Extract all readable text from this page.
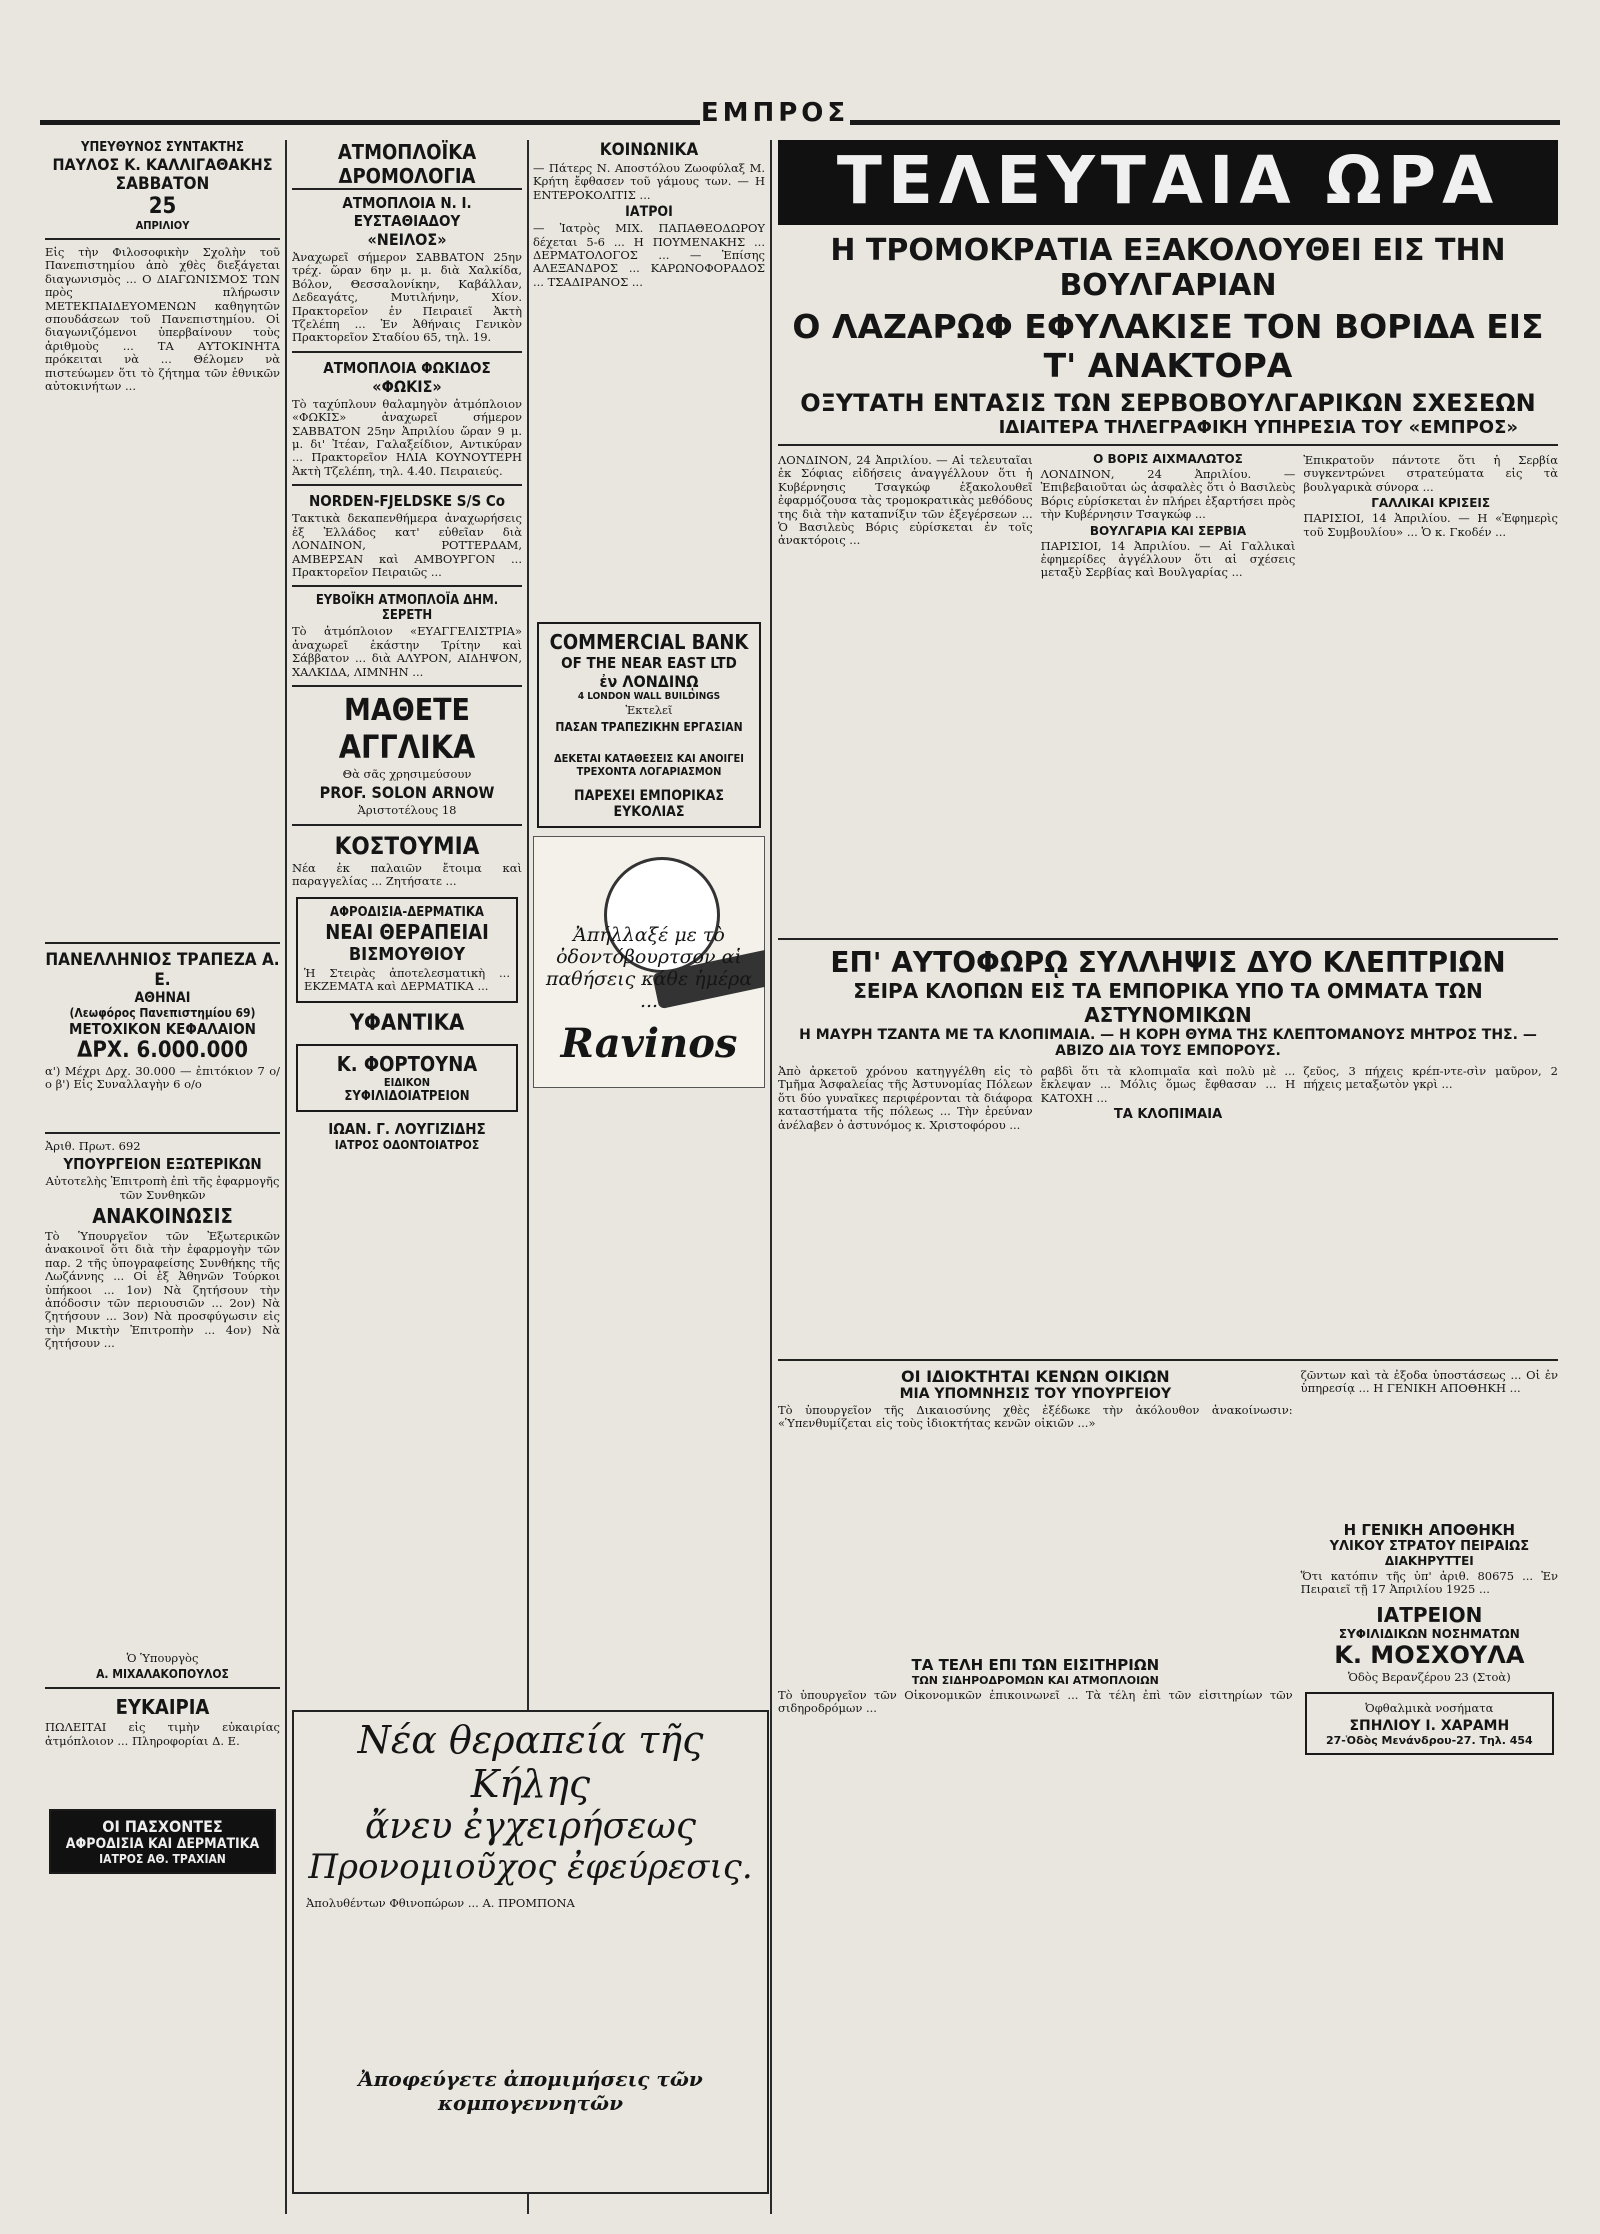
ΕΜΠΡΟΣ
ΥΠΕΥΘΥΝΟΣ ΣΥΝΤΑΚΤΗΣ
ΠΑΥΛΟΣ Κ. ΚΑΛΛΙΓΑΘΑΚΗΣ
ΣΑΒΒΑΤΟΝ
25
ΑΠΡΙΛΙΟΥ
Εἰς τὴν Φιλοσοφικὴν Σχολὴν τοῦ Πανεπιστημίου ἀπὸ χθὲς διεξάγεται διαγωνισμὸς ... Ο ΔΙΑΓΩΝΙΣΜΟΣ ΤΩΝ πρὸς πλήρωσιν ΜΕΤΕΚΠΑΙΔΕΥΟΜΕΝΩΝ καθηγητῶν σπουδάσεων τοῦ Πανεπιστημίου. Οἱ διαγωνιζόμενοι ὑπερβαίνουν τοὺς ἀριθμοὺς ... ΤΑ ΑΥΤΟΚΙΝΗΤΑ πρόκειται νὰ ... Θέλομεν νὰ πιστεύωμεν ὅτι τὸ ζήτημα τῶν ἐθνικῶν αὐτοκινήτων ...
ΠΑΝΕΛΛΗΝΙΟΣ ΤΡΑΠΕΖΑ Α. Ε.
ΑΘΗΝΑΙ
(Λεωφόρος Πανεπιστημίου 69)
ΜΕΤΟΧΙΚΟΝ ΚΕΦΑΛΑΙΟΝ
ΔΡΧ. 6.000.000
α') Μέχρι Δρχ. 30.000 — ἐπιτόκιον 7 ο/ο β') Εἰς Συναλλαγὴν 6 ο/ο
Ἀριθ. Πρωτ. 692
ΥΠΟΥΡΓΕΙΟΝ ΕΞΩΤΕΡΙΚΩΝ
Αὐτοτελὴς Ἐπιτροπὴ ἐπὶ τῆς ἐφαρμογῆς τῶν Συνθηκῶν
ΑΝΑΚΟΙΝΩΣΙΣ
Τὸ Ὑπουργεῖον τῶν Ἐξωτερικῶν ἀνακοινοῖ ὅτι διὰ τὴν ἐφαρμογὴν τῶν παρ. 2 τῆς ὑπογραφείσης Συνθήκης τῆς Λωζάννης ... Οἱ ἐξ Ἀθηνῶν Τούρκοι ὑπήκοοι ... 1ον) Νὰ ζητήσουν τὴν ἀπόδοσιν τῶν περιουσιῶν ... 2ον) Νὰ ζητήσουν ... 3ον) Νὰ προσφύγωσιν εἰς τὴν Μικτὴν Ἐπιτροπὴν ... 4ον) Νὰ ζητήσουν ...
Ὁ Ὑπουργὸς
Α. ΜΙΧΑΛΑΚΟΠΟΥΛΟΣ
ΕΥΚΑΙΡΙΑ
ΠΩΛΕΙΤΑΙ εἰς τιμὴν εὐκαιρίας ἀτμόπλοιον ... Πληροφορίαι Δ. Ε.
ΟΙ ΠΑΣΧΟΝΤΕΣ
ΑΦΡΟΔΙΣΙΑ ΚΑΙ ΔΕΡΜΑΤΙΚΑ
ΙΑΤΡΟΣ ΑΘ. ΤΡΑΧΙΑΝ
ΑΤΜΟΠΛΟΪΚΑ ΔΡΟΜΟΛΟΓΙΑ
ΑΤΜΟΠΛΟΙΑ Ν. Ι. ΕΥΣΤΑΘΙΑΔΟΥ
«ΝΕΙΛΟΣ»
Ἀναχωρεῖ σήμερον ΣΑΒΒΑΤΟΝ 25ην τρέχ. ὥραν 6ην μ. μ. διὰ Χαλκίδα, Βόλον, Θεσσαλονίκην, Καβάλλαν, Δεδεαγάτς, Μυτιλήνην, Χίον. Πρακτορεῖον ἐν Πειραιεῖ Ἀκτὴ Τζελέπη ... Ἐν Ἀθήναις Γενικὸν Πρακτορεῖον Σταδίου 65, τηλ. 19.
ΑΤΜΟΠΛΟΙΑ ΦΩΚΙΔΟΣ
«ΦΩΚΙΣ»
Τὸ ταχύπλουν θαλαμηγὸν ἀτμόπλοιον «ΦΩΚΙΣ» ἀναχωρεῖ σήμερον ΣΑΒΒΑΤΟΝ 25ην Ἀπριλίου ὥραν 9 μ. μ. δι' Ἰτέαν, Γαλαξείδιον, Αντικύραν ... Πρακτορεῖον ΗΛΙΑ ΚΟΥΝΟΥΤΕΡΗ Ἀκτὴ Τζελέπη, τηλ. 4.40. Πειραιεύς.
NORDEN-FJELDSKE S/S Co
Τακτικὰ δεκαπενθήμερα ἀναχωρήσεις ἐξ Ἑλλάδος κατ' εὐθεῖαν διὰ ΛΟΝΔΙΝΟΝ, ΡΟΤΤΕΡΔΑΜ, ΑΜΒΕΡΣΑΝ καὶ ΑΜΒΟΥΡΓΟΝ ... Πρακτορεῖον Πειραιῶς ...
ΕΥΒΟΪΚΗ ΑΤΜΟΠΛΟΪΑ ΔΗΜ. ΣΕΡΕΤΗ
Τὸ ἀτμόπλοιον «ΕΥΑΓΓΕΛΙΣΤΡΙΑ» ἀναχωρεῖ ἑκάστην Τρίτην καὶ Σάββατον ... διὰ ΑΛΥΡΟΝ, ΑΙΔΗΨΟΝ, ΧΑΛΚΙΔΑ, ΛΙΜΝΗΝ ...
ΜΑΘΕΤΕ
ΑΓΓΛΙΚΑ
Θὰ σᾶς χρησιμεύσουν
PROF. SOLON ARNOW
Ἀριστοτέλους 18
ΚΟΣΤΟΥΜΙΑ
Νέα ἐκ παλαιῶν ἔτοιμα καὶ παραγγελίας ... Ζητήσατε ...
ΑΦΡΟΔΙΣΙΑ-ΔΕΡΜΑΤΙΚΑ
ΝΕΑΙ ΘΕΡΑΠΕΙΑΙ
ΒΙΣΜΟΥΘΙΟΥ
Ἡ Στειρὰς ἀποτελεσματικὴ ... ΕΚΖΕΜΑΤΑ καὶ ΔΕΡΜΑΤΙΚΑ ...
ΥΦΑΝΤΙΚΑ
Κ. ΦΟΡΤΟΥΝΑ
ΕΙΔΙΚΟΝ
ΣΥΦΙΛΙΔΟΙΑΤΡΕΙΟΝ
ΙΩΑΝ. Γ. ΛΟΥΓΙΖΙΔΗΣ
ΙΑΤΡΟΣ ΟΔΟΝΤΟΙΑΤΡΟΣ
ΚΟΙΝΩΝΙΚΑ
— Πάτερς Ν. Αποστόλου Ζωοφύλαξ Μ. Κρήτη ἔφθασεν τοῦ γάμους των. — Η ΕΝΤΕΡΟΚΟΛΙΤΙΣ ...
ΙΑΤΡΟΙ
— Ἰατρὸς ΜΙΧ. ΠΑΠΑΘΕΟΔΩΡΟΥ δέχεται 5-6 ... Η ΠΟΥΜΕΝΑΚΗΣ ... ΔΕΡΜΑΤΟΛΟΓΟΣ ... — Ἐπίσης ΑΛΕΞΑΝΔΡΟΣ ... ΚΑΡΩΝΟΦΟΡΑΔΟΣ ... ΤΣΑΔΙΡΑΝΟΣ ...
COMMERCIAL BANK
OF THE NEAR EAST LTD
ἐν ΛΟΝΔΙΝῼ
4 LONDON WALL BUILDINGS
Ἐκτελεῖ
ΠΑΣΑΝ ΤΡΑΠΕΖΙΚΗΝ ΕΡΓΑΣΙΑΝ
ΔΕΚΕΤΑΙ ΚΑΤΑΘΕΣΕΙΣ ΚΑΙ ΑΝΟΙΓΕΙ ΤΡΕΧΟΝΤΑ ΛΟΓΑΡΙΑΣΜΟΝ
ΠΑΡΕΧΕΙ ΕΜΠΟΡΙΚΑΣ ΕΥΚΟΛΙΑΣ
Ἀπήλλαξέ με τὸ ὀδοντόβουρτσον αἱ παθήσεις κάθε ἡμέρα ...
Ravinos
Νέα θεραπεία τῆς Κήλης
ἄνευ ἐγχειρήσεως
Προνομιοῦχος ἐφεύρεσις.
Ἀπολυθέντων Φθινοπώρων ... Α. ΠΡΟΜΠΟΝΑ
Ἀποφεύγετε ἀπομιμήσεις τῶν κομπογεννητῶν
ΤΕΛΕΥΤΑΙΑ ΩΡΑ
Η ΤΡΟΜΟΚΡΑΤΙΑ ΕΞΑΚΟΛΟΥΘΕΙ ΕΙΣ ΤΗΝ ΒΟΥΛΓΑΡΙΑΝ
Ο ΛΑΖΑΡΩΦ ΕΦΥΛΑΚΙΣΕ ΤΟΝ ΒΟΡΙΔΑ ΕΙΣ Τ' ΑΝΑΚΤΟΡΑ
ΟΞΥΤΑΤΗ ΕΝΤΑΣΙΣ ΤΩΝ ΣΕΡΒΟΒΟΥΛΓΑΡΙΚΩΝ ΣΧΕΣΕΩΝ
ΙΔΙΑΙΤΕΡΑ ΤΗΛΕΓΡΑΦΙΚΗ ΥΠΗΡΕΣΙΑ ΤΟΥ «ΕΜΠΡΟΣ»
ΛΟΝΔΙΝΟΝ, 24 Ἀπριλίου. — Αἱ τελευταῖαι ἐκ Σόφιας εἰδήσεις ἀναγγέλλουν ὅτι ἡ Κυβέρνησις Τσαγκώφ ἐξακολουθεῖ ἐφαρμόζουσα τὰς τρομοκρατικὰς μεθόδους της διὰ τὴν καταπνίξιν τῶν ἐξεγέρσεων ... Ὁ Βασιλεὺς Βόρις εὑρίσκεται ἐν τοῖς ἀνακτόροις ...
Ο ΒΟΡΙΣ ΑΙΧΜΑΛΩΤΟΣ
ΛΟΝΔΙΝΟΝ, 24 Ἀπριλίου. — Ἐπιβεβαιοῦται ὡς ἀσφαλὲς ὅτι ὁ Βασιλεὺς Βόρις εὑρίσκεται ἐν πλήρει ἐξαρτήσει πρὸς τὴν Κυβέρνησιν Τσαγκώφ ...
ΒΟΥΛΓΑΡΙΑ ΚΑΙ ΣΕΡΒΙΑ
ΠΑΡΙΣΙΟΙ, 14 Ἀπριλίου. — Αἱ Γαλλικαὶ ἐφημερίδες ἀγγέλλουν ὅτι αἱ σχέσεις μεταξὺ Σερβίας καὶ Βουλγαρίας ...
Ἐπικρατοῦν πάντοτε ὅτι ἡ Σερβία συγκεντρώνει στρατεύματα εἰς τὰ βουλγαρικὰ σύνορα ...
ΓΑΛΛΙΚΑΙ ΚΡΙΣΕΙΣ
ΠΑΡΙΣΙΟΙ, 14 Ἀπριλίου. — Η «Ἐφημερὶς τοῦ Συμβουλίου» ... Ὁ κ. Γκοδέν ...
ΕΠ' ΑΥΤΟΦΩΡῼ ΣΥΛΛΗΨΙΣ ΔΥΟ ΚΛΕΠΤΡΙΩΝ
ΣΕΙΡΑ ΚΛΟΠΩΝ ΕΙΣ ΤΑ ΕΜΠΟΡΙΚΑ ΥΠΟ ΤΑ ΟΜΜΑΤΑ ΤΩΝ ΑΣΤΥΝΟΜΙΚΩΝ
Η ΜΑΥΡΗ ΤΖΑΝΤΑ ΜΕ ΤΑ ΚΛΟΠΙΜΑΙΑ. — Η ΚΟΡΗ ΘΥΜΑ ΤΗΣ ΚΛΕΠΤΟΜΑΝΟΥΣ ΜΗΤΡΟΣ ΤΗΣ. — ΑΒΙΖΟ ΔΙΑ ΤΟΥΣ ΕΜΠΟΡΟΥΣ.
Ἀπὸ ἀρκετοῦ χρόνου κατηγγέλθη εἰς τὸ Τμῆμα Ἀσφαλείας τῆς Ἀστυνομίας Πόλεων ὅτι δύο γυναῖκες περιφέρονται τὰ διάφορα καταστήματα τῆς πόλεως ... Τὴν ἐρεύναν ἀνέλαβεν ὁ ἀστυνόμος κ. Χριστοφόρου ...
ραβδὶ ὅτι τὰ κλοπιμαῖα καὶ πολὺ μὲ ... ἔκλεψαν ... Μόλις ὅμως ἔφθασαν ... Η ΚΑΤΟΧΗ ...
ΤΑ ΚΛΟΠΙΜΑΙΑ
ζεῦος, 3 πήχεις κρέπ-ντε-σὶν μαῦρον, 2 πήχεις μεταξωτὸν γκρὶ ...
ΟΙ ΙΔΙΟΚΤΗΤΑΙ ΚΕΝΩΝ ΟΙΚΙΩΝ
ΜΙΑ ΥΠΟΜΝΗΣΙΣ ΤΟΥ ΥΠΟΥΡΓΕΙΟΥ
Τὸ ὑπουργεῖον τῆς Δικαιοσύνης χθὲς ἐξέδωκε τὴν ἀκόλουθον ἀνακοίνωσιν: «Ὑπενθυμίζεται εἰς τοὺς ἰδιοκτήτας κενῶν οἰκιῶν ...»
ΤΑ ΤΕΛΗ ΕΠΙ ΤΩΝ ΕΙΣΙΤΗΡΙΩΝ
ΤΩΝ ΣΙΔΗΡΟΔΡΟΜΩΝ ΚΑΙ ΑΤΜΟΠΛΟΙΩΝ
Τὸ ὑπουργεῖον τῶν Οἰκονομικῶν ἐπικοινωνεῖ ... Τὰ τέλη ἐπὶ τῶν εἰσιτηρίων τῶν σιδηροδρόμων ...
ζῶντων καὶ τὰ ἐξοδα ὑποστάσεως ... Οἱ ἐν ὑπηρεσίᾳ ... Η ΓΕΝΙΚΗ ΑΠΟΘΗΚΗ ...
Η ΓΕΝΙΚΗ ΑΠΟΘΗΚΗ
ΥΛΙΚΟΥ ΣΤΡΑΤΟΥ ΠΕΙΡΑΙΩΣ
ΔΙΑΚΗΡΥΤΤΕΙ
Ὅτι κατόπιν τῆς ὑπ' ἀριθ. 80675 ... Ἐν Πειραιεῖ τῇ 17 Ἀπριλίου 1925 ...
ΙΑΤΡΕΙΟΝ
ΣΥΦΙΛΙΔΙΚΩΝ ΝΟΣΗΜΑΤΩΝ
Κ. ΜΟΣΧΟΥΛΑ
Ὁδὸς Βερανζέρου 23 (Στοὰ)
Ὀφθαλμικὰ νοσήματα
ΣΠΗΛΙΟΥ Ι. ΧΑΡΑΜΗ
27-Ὁδὸς Μενάνδρου-27. Τηλ. 454
